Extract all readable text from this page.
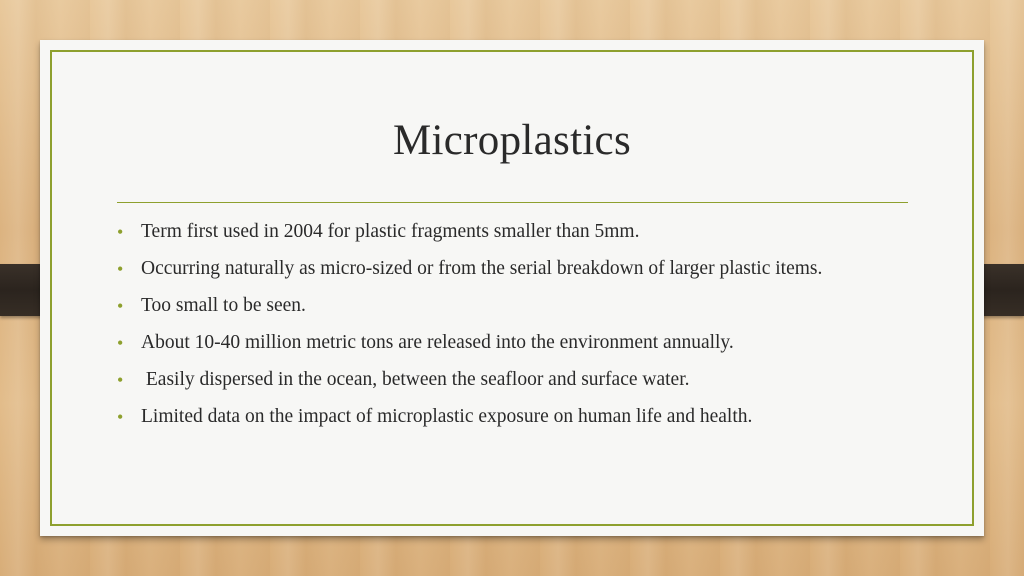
Microplastics
• Term first used in 2004 for plastic fragments smaller than 5mm.
• Occurring naturally as micro-sized or from the serial breakdown of larger plastic items.
• Too small to be seen.
• About 10-40 million metric tons are released into the environment annually.
• Easily dispersed in the ocean, between the seafloor and surface water.
• Limited data on the impact of microplastic exposure on human life and health.
